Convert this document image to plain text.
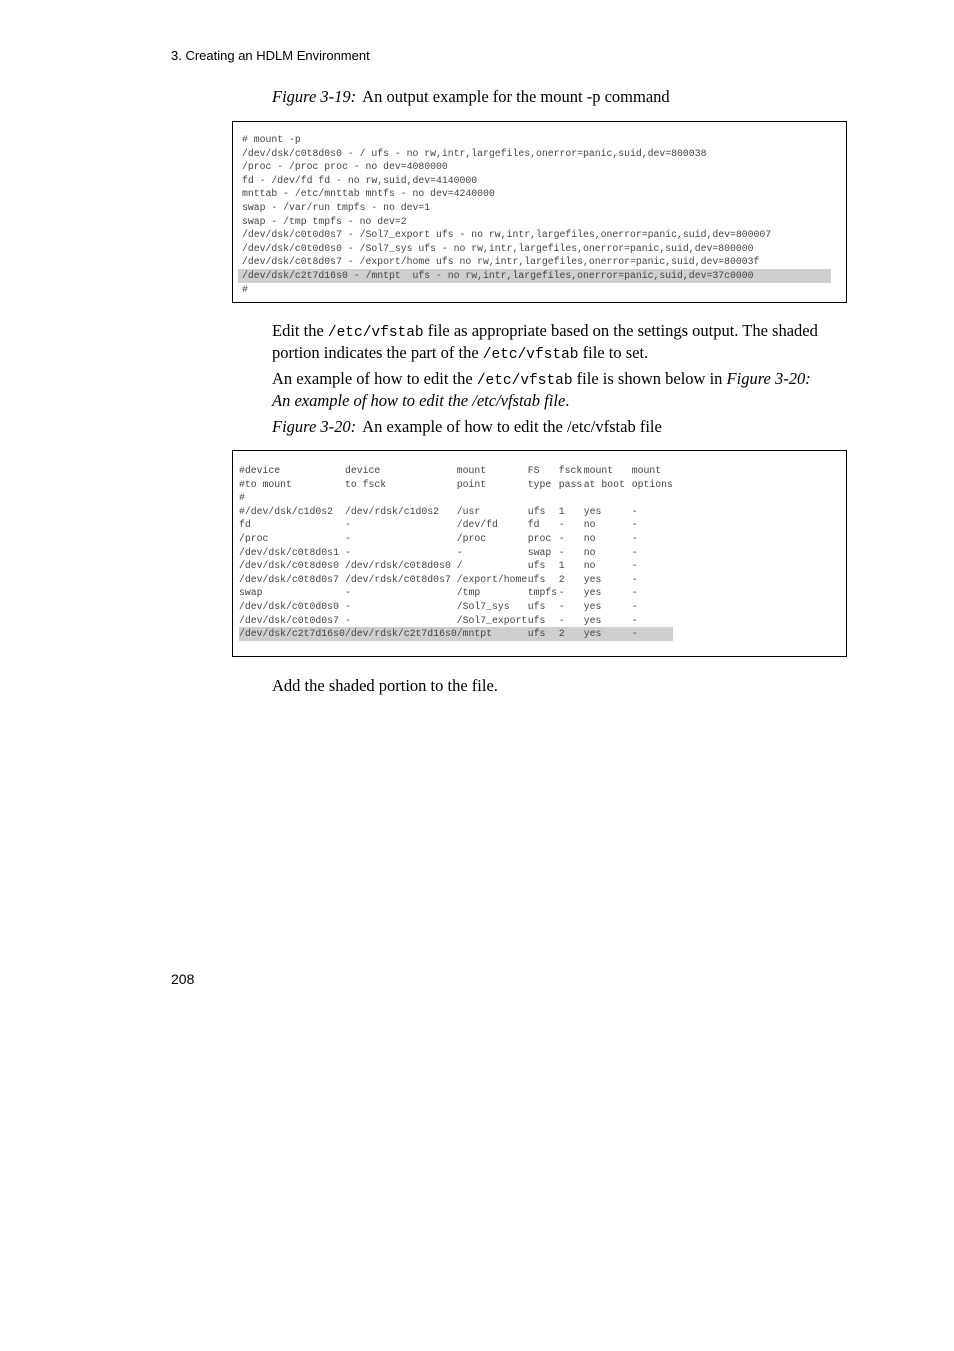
3. Creating an HDLM Environment
Figure 3-19: An output example for the mount -p command
# mount -p
/dev/dsk/c0t8d0s0 - / ufs - no rw,intr,largefiles,onerror=panic,suid,dev=800038
/proc - /proc proc - no dev=4080000
fd - /dev/fd fd - no rw,suid,dev=4140000
mnttab - /etc/mnttab mntfs - no dev=4240000
swap - /var/run tmpfs - no dev=1
swap - /tmp tmpfs - no dev=2
/dev/dsk/c0t0d0s7 - /Sol7_export ufs - no rw,intr,largefiles,onerror=panic,suid,dev=800007
/dev/dsk/c0t0d0s0 - /Sol7_sys ufs - no rw,intr,largefiles,onerror=panic,suid,dev=800000
/dev/dsk/c0t8d0s7 - /export/home ufs no rw,intr,largefiles,onerror=panic,suid,dev=80003f
/dev/dsk/c2t7d16s0 - /mntpt  ufs - no rw,intr,largefiles,onerror=panic,suid,dev=37c0000
#
Edit the /etc/vfstab file as appropriate based on the settings output. The shaded portion indicates the part of the /etc/vfstab file to set.
An example of how to edit the /etc/vfstab file is shown below in Figure 3-20: An example of how to edit the /etc/vfstab file.
Figure 3-20: An example of how to edit the /etc/vfstab file
#device	device	mount	FS	fsck	mount	mount
#to mount	to fsck	point	type	pass	at boot	options
#						
#/dev/dsk/c1d0s2	/dev/rdsk/c1d0s2	/usr	ufs	1	yes	-
fd	-	/dev/fd	fd	-	no	-
/proc	-	/proc	proc	-	no	-
/dev/dsk/c0t8d0s1	-	-	swap	-	no	-
/dev/dsk/c0t8d0s0	/dev/rdsk/c0t8d0s0	/	ufs	1	no	-
/dev/dsk/c0t8d0s7	/dev/rdsk/c0t8d0s7	/export/home	ufs	2	yes	-
swap	-	/tmp	tmpfs	-	yes	-
/dev/dsk/c0t0d0s0	-	/Sol7_sys	ufs	-	yes	-
/dev/dsk/c0t0d0s7	-	/Sol7_export	ufs	-	yes	-
/dev/dsk/c2t7d16s0	/dev/rdsk/c2t7d16s0	/mntpt	ufs	2	yes	-
Add the shaded portion to the file.
208
